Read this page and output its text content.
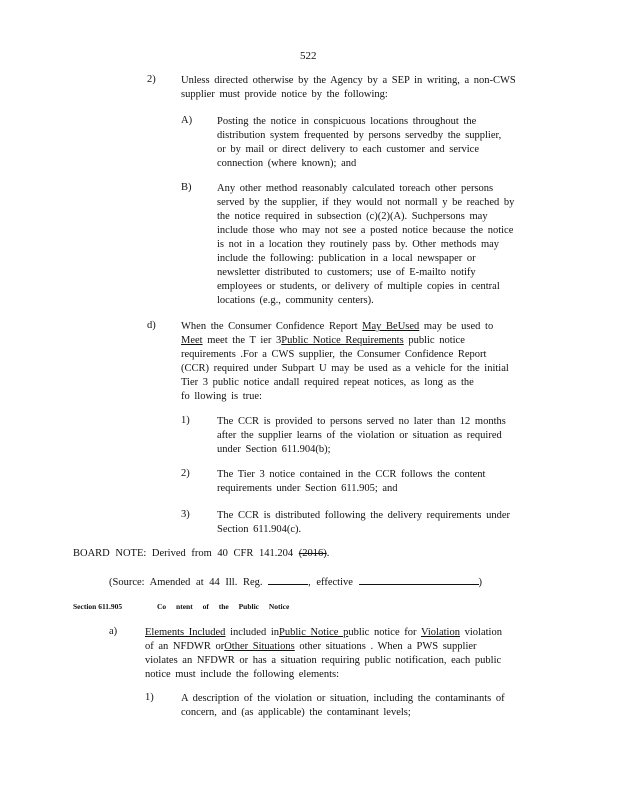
522
2) Unless directed otherwise by the Agency by a SEP in writing, a non-CWS
supplier must provide notice by the following:
A) Posting the notice in conspicuous locations throughout the
distribution system frequented by persons servedby the supplier,
or by mail or direct delivery to each customer and service
connection (where known); and
B) Any other method reasonably calculated toreach other persons
served by the supplier, if they would not normall y be reached by
the notice required in subsection (c)(2)(A). Suchpersons may
include those who may not see a posted notice because the notice
is not in a location they routinely pass by. Other methods may
include the following: publication in a local newspaper or
newsletter distributed to customers; use of E-mailto notify
employees or students, or delivery of multiple copies in central
locations (e.g., community centers).
d) When the Consumer Confidence Report May BeUsed may be used to
Meet meet the T ier 3Public Notice Requirements public notice
requirements .For a CWS supplier, the Consumer Confidence Report
(CCR) required under Subpart U may be used as a vehicle for the initial
Tier 3 public notice andall required repeat notices, as long as the
fo llowing is true:
1)	The CCR is provided to persons served no later than 12 months
after the supplier learns of the violation or situation as required
under Section 611.904(b);
2)	The Tier 3 notice contained in the CCR follows the content
requirements under Section 611.905; and
3)	The CCR is distributed following the delivery requirements under
Section 611.904(c).
BOARD NOTE: Derived from 40 CFR 141.204 (2016).
(Source: Amended at 44 Ill. Reg.	, effective	)
Section 611.905	Co ntent of the Public Notice
a)	Elements Included included inPublic Notice public notice for Violation violation
of an NFDWR orOther Situations other situations . When a PWS supplier
violates an NFDWR or has a situation requiring public notification, each public
notice must include the following elements:
1)	A description of the violation or situation, including the contaminants of
concern, and (as applicable) the contaminant levels;
